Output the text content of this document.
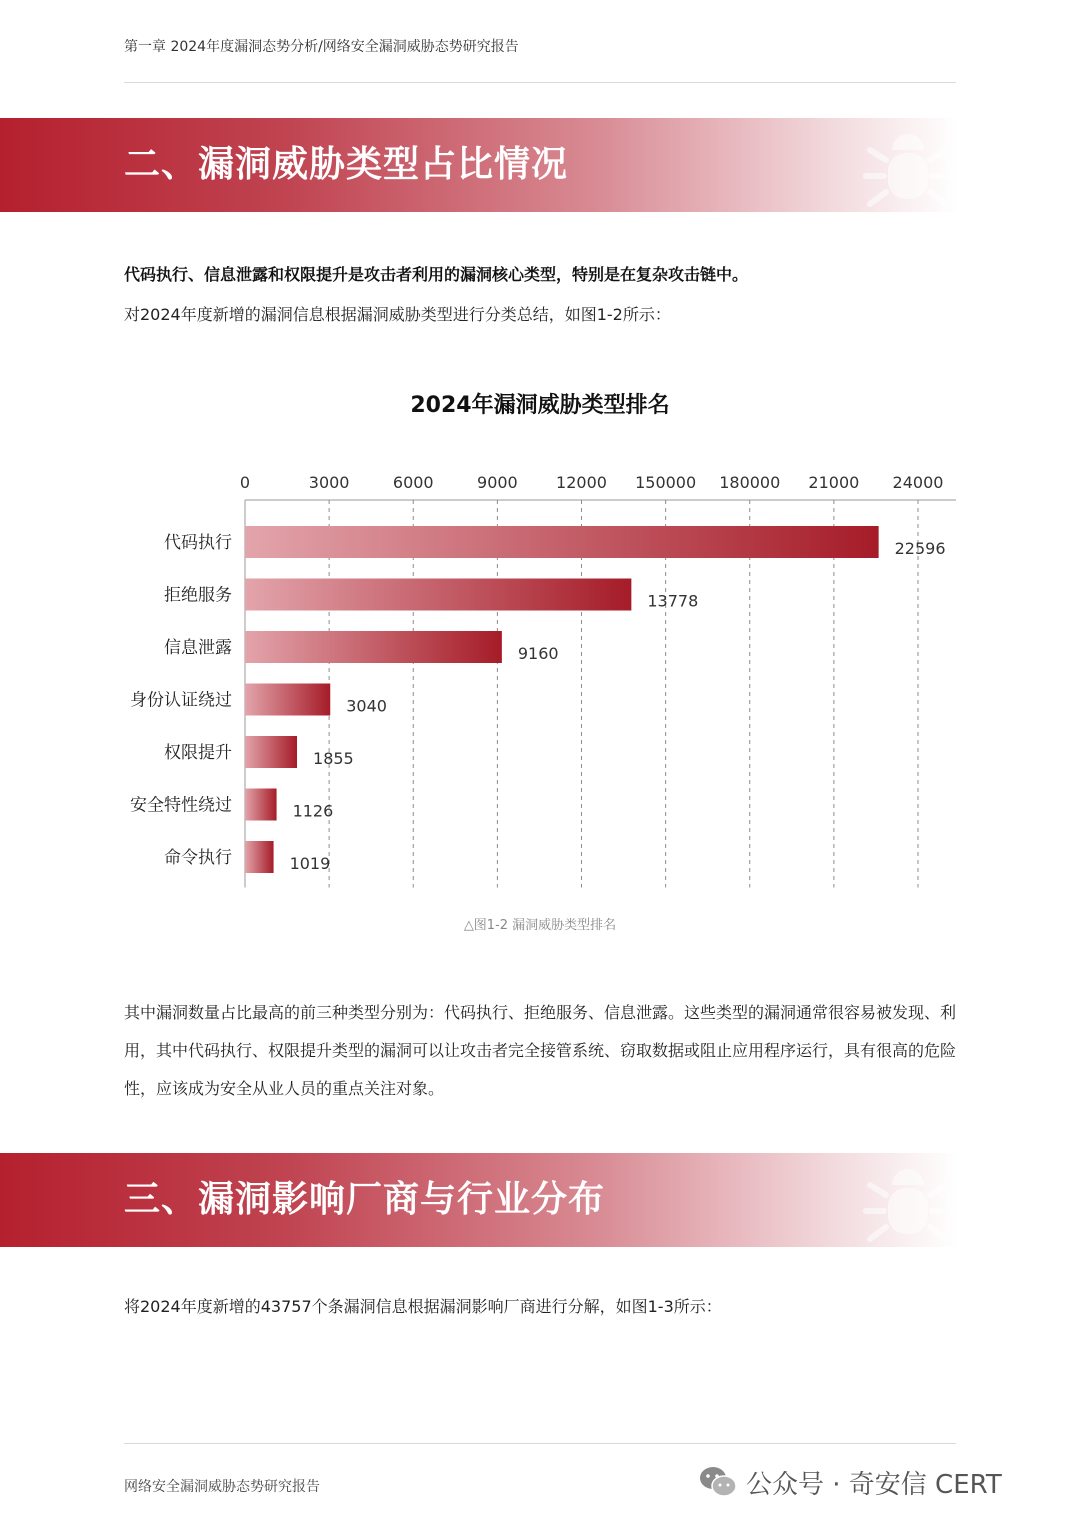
第一章 2024年度漏洞态势分析/网络安全漏洞威胁态势研究报告
二、漏洞威胁类型占比情况
代码执行、信息泄露和权限提升是攻击者利用的漏洞核心类型，特别是在复杂攻击链中。
对2024年度新增的漏洞信息根据漏洞威胁类型进行分类总结，如图1-2所示：
2024年漏洞威胁类型排名
0	3000	6000	9000 12000 150000 180000 21000 24000
代码执行
拒绝服务
信息泄露
身份认证绕过
权限提升
安全特性绕过
命令执行
22596
13778
9160
3040
1855
1126
1019
△图1-2 漏洞威胁类型排名
其中漏洞数量占比最高的前三种类型分别为：代码执行、拒绝服务、信息泄露。这些类型的漏洞通常很容易被发现、利用，其中代码执行、权限提升类型的漏洞可以让攻击者完全接管系统、窃取数据或阻止应用程序运行，具有很高的危险性，应该成为安全从业人员的重点关注对象。
三、漏洞影响厂商与行业分布
将2024年度新增的43757个条漏洞信息根据漏洞影响厂商进行分解，如图1-3所示：
网络安全漏洞威胁态势研究报告	公众号 · 奇安信 CERT
